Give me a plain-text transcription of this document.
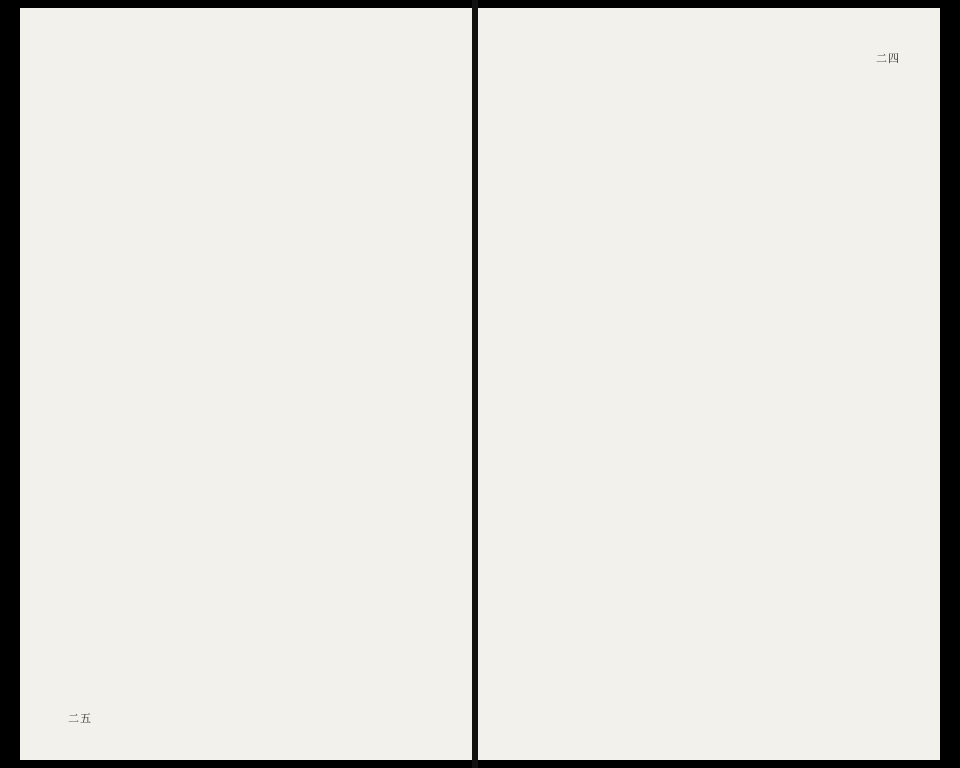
二五
二四
